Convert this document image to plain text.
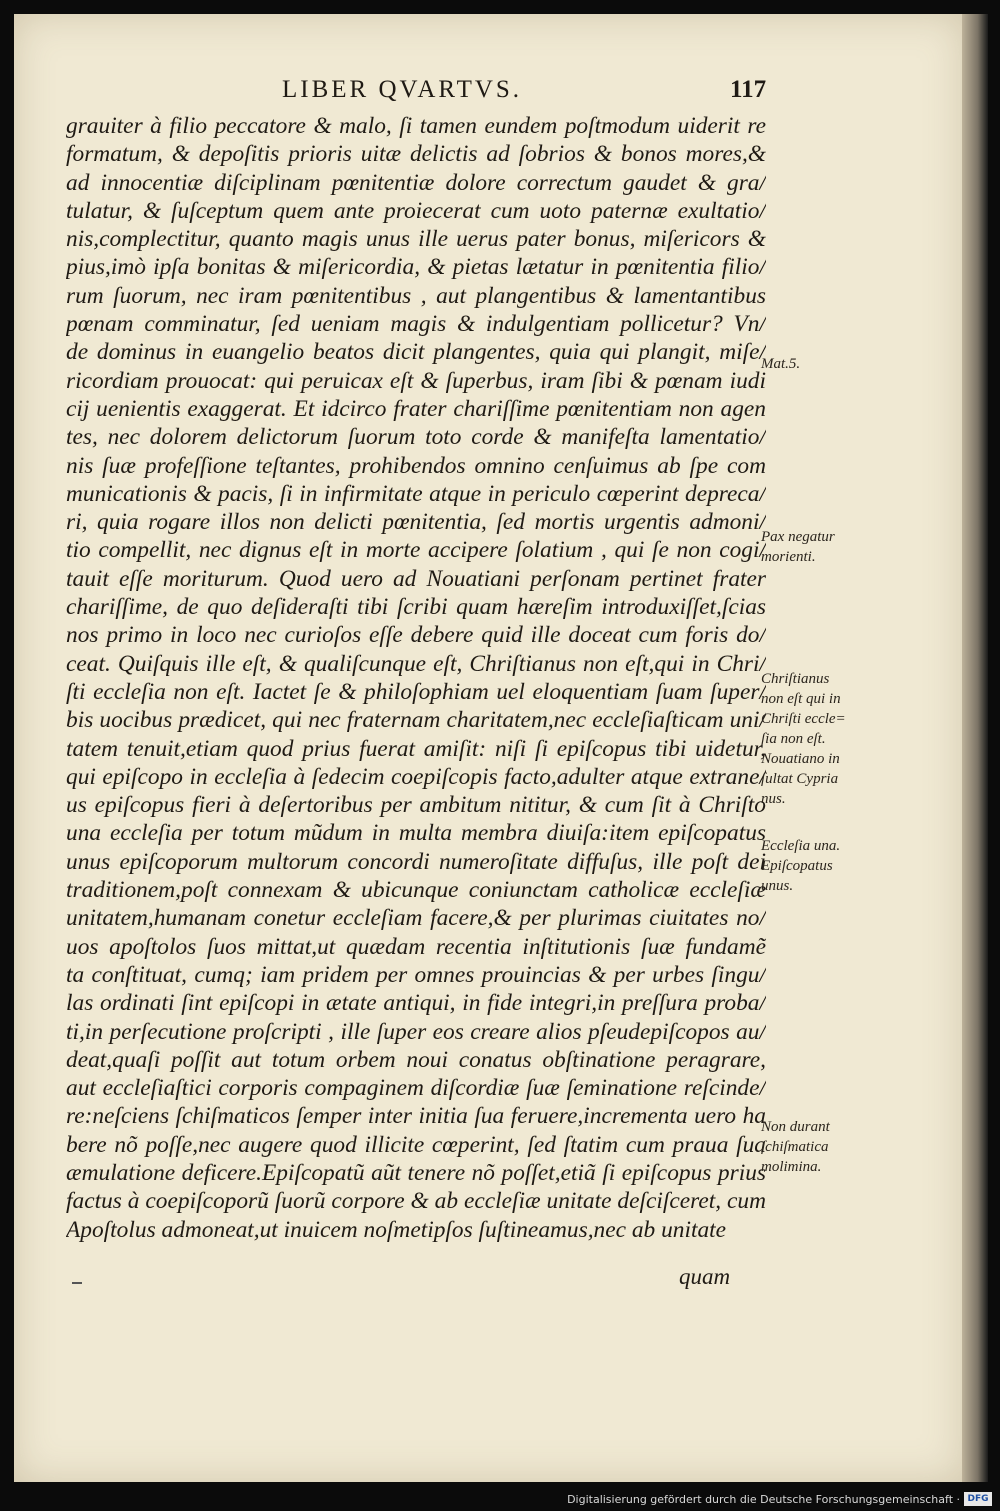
LIBER QVARTVS.	117
grauiter à filio peccatore & malo, ſi tamen eundem poſtmodum uiderit re
formatum, & depoſitis prioris uitæ delictis ad ſobrios & bonos mores,&
ad innocentiæ diſciplinam pœnitentiæ dolore correctum gaudet & gra/
tulatur, & ſuſceptum quem ante proiecerat cum uoto paternæ exultatio/
nis,complectitur, quanto magis unus ille uerus pater bonus, miſericors &
pius,imò ipſa bonitas & miſericordia, & pietas lætatur in pœnitentia filio/
rum ſuorum, nec iram pœnitentibus , aut plangentibus & lamentantibus
pœnam comminatur, ſed ueniam magis & indulgentiam pollicetur? Vn/
de dominus in euangelio beatos dicit plangentes, quia qui plangit, miſe/
ricordiam prouocat: qui peruicax eſt & ſuperbus, iram ſibi & pœnam iudi
cij uenientis exaggerat. Et idcirco frater chariſſime pœnitentiam non agen
tes, nec dolorem delictorum ſuorum toto corde & manifeſta lamentatio/
nis ſuæ profeſſione teſtantes, prohibendos omnino cenſuimus ab ſpe com
municationis & pacis, ſi in infirmitate atque in periculo cœperint depreca/
ri, quia rogare illos non delicti pœnitentia, ſed mortis urgentis admoni/
tio compellit, nec dignus eſt in morte accipere ſolatium , qui ſe non cogi/
tauit eſſe moriturum. Quod uero ad Nouatiani perſonam pertinet frater
chariſſime, de quo deſideraſti tibi ſcribi quam hæreſim introduxiſſet,ſcias
nos primo in loco nec curioſos eſſe debere quid ille doceat cum foris do/
ceat. Quiſquis ille eſt, & qualiſcunque eſt, Chriſtianus non eſt,qui in Chri/
ſti eccleſia non eſt. Iactet ſe & philoſophiam uel eloquentiam ſuam ſuper/
bis uocibus prædicet, qui nec fraternam charitatem,nec eccleſiaſticam uni/
tatem tenuit,etiam quod prius fuerat amiſit: niſi ſi epiſcopus tibi uidetur,
qui epiſcopo in eccleſia à ſedecim coepiſcopis facto,adulter atque extrane/
us epiſcopus fieri à deſertoribus per ambitum nititur, & cum ſit à Chriſto
una eccleſia per totum mũdum in multa membra diuiſa:item epiſcopatus
unus epiſcoporum multorum concordi numeroſitate diffuſus, ille poſt dei
traditionem,poſt connexam & ubicunque coniunctam catholicæ eccleſiæ
unitatem,humanam conetur eccleſiam facere,& per plurimas ciuitates no/
uos apoſtolos ſuos mittat,ut quædam recentia inſtitutionis ſuæ fundamẽ
ta conſtituat, cumq; iam pridem per omnes prouincias & per urbes ſingu/
las ordinati ſint epiſcopi in ætate antiqui, in fide integri,in preſſura proba/
ti,in perſecutione proſcripti , ille ſuper eos creare alios pſeudepiſcopos au/
deat,quaſi poſſit aut totum orbem noui conatus obſtinatione peragrare,
aut eccleſiaſtici corporis compaginem diſcordiæ ſuæ ſeminatione reſcinde/
re:neſciens ſchiſmaticos ſemper inter initia ſua feruere,incrementa uero ha
bere nõ poſſe,nec augere quod illicite cœperint, ſed ſtatim cum praua ſua
æmulatione deficere.Epiſcopatũ aũt tenere nõ poſſet,etiã ſi epiſcopus prius
factus à coepiſcoporũ ſuorũ corpore & ab eccleſiæ unitate deſciſceret, cum
Apoſtolus admoneat,ut inuicem noſmetipſos ſuſtineamus,nec ab unitate
Mat.5.
Pax negatur
morienti.
Chriſtianus
non eſt qui in
Chriſti eccle=
ſia non eſt.
Nouatiano in
ſultat Cypria
nus.
Eccleſia una.
Epiſcopatus
unus.
Non durant
ſchiſmatica
molimina.
quam
Digitalisierung gefördert durch die Deutsche Forschungsgemeinschaft · DFG
